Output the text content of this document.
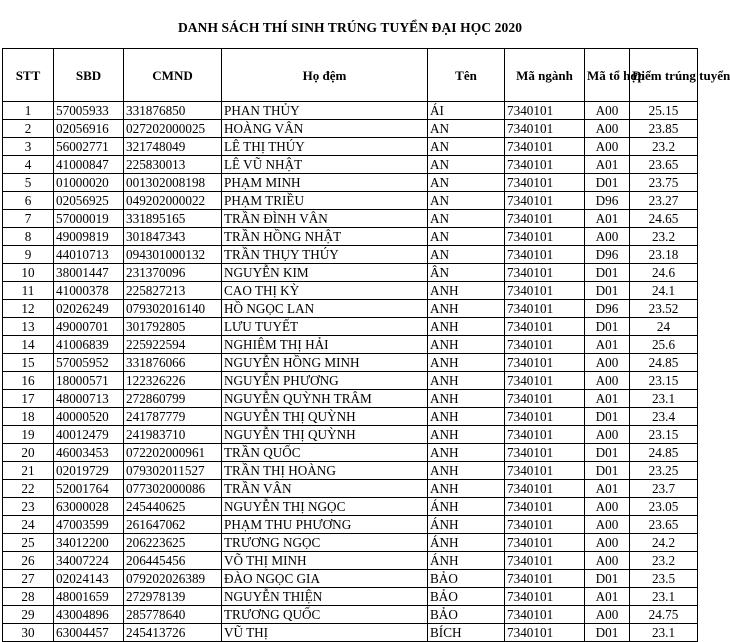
DANH SÁCH THÍ SINH TRÚNG TUYỂN ĐẠI HỌC 2020
STT	SBD	CMND	Họ đệm	Tên	Mã ngành	Mã tổ hợp	Điểm trúng tuyển
1	57005933	331876850	PHAN THỦY	ÁI	7340101	A00	25.15
2	02056916	027202000025	HOÀNG VÂN	AN	7340101	A00	23.85
3	56002771	321748049	LÊ THỊ THÚY	AN	7340101	A00	23.2
4	41000847	225830013	LÊ VŨ NHẬT	AN	7340101	A01	23.65
5	01000020	001302008198	PHẠM MINH	AN	7340101	D01	23.75
6	02056925	049202000022	PHẠM TRIỀU	AN	7340101	D96	23.27
7	57000019	331895165	TRẦN ĐÌNH VÂN	AN	7340101	A01	24.65
8	49009819	301847343	TRẦN HỒNG NHẬT	AN	7340101	A00	23.2
9	44010713	094301000132	TRẦN THỤY THÚY	AN	7340101	D96	23.18
10	38001447	231370096	NGUYỄN KIM	ÂN	7340101	D01	24.6
11	41000378	225827213	CAO THỊ KỲ	ANH	7340101	D01	24.1
12	02026249	079302016140	HỒ NGỌC LAN	ANH	7340101	D96	23.52
13	49000701	301792805	LƯU TUYẾT	ANH	7340101	D01	24
14	41006839	225922594	NGHIÊM THỊ HẢI	ANH	7340101	A01	25.6
15	57005952	331876066	NGUYỄN HỒNG MINH	ANH	7340101	A00	24.85
16	18000571	122326226	NGUYỄN PHƯƠNG	ANH	7340101	A00	23.15
17	48000713	272860799	NGUYỄN QUỲNH TRÂM	ANH	7340101	A01	23.1
18	40000520	241787779	NGUYỄN THỊ QUỲNH	ANH	7340101	D01	23.4
19	40012479	241983710	NGUYỄN THỊ QUỲNH	ANH	7340101	A00	23.15
20	46003453	072202000961	TRẦN QUỐC	ANH	7340101	D01	24.85
21	02019729	079302011527	TRẦN THỊ HOÀNG	ANH	7340101	D01	23.25
22	52001764	077302000086	TRẦN VÂN	ANH	7340101	A01	23.7
23	63000028	245440625	NGUYỄN THỊ NGỌC	ÁNH	7340101	A00	23.05
24	47003599	261647062	PHẠM THU PHƯƠNG	ÁNH	7340101	A00	23.65
25	34012200	206223625	TRƯƠNG NGỌC	ÁNH	7340101	A00	24.2
26	34007224	206445456	VÕ THỊ MINH	ÁNH	7340101	A00	23.2
27	02024143	079202026389	ĐÀO NGỌC GIA	BẢO	7340101	D01	23.5
28	48001659	272978139	NGUYỄN THIỆN	BẢO	7340101	A01	23.1
29	43004896	285778640	TRƯƠNG QUỐC	BẢO	7340101	A00	24.75
30	63004457	245413726	VŨ THỊ	BÍCH	7340101	D01	23.1
